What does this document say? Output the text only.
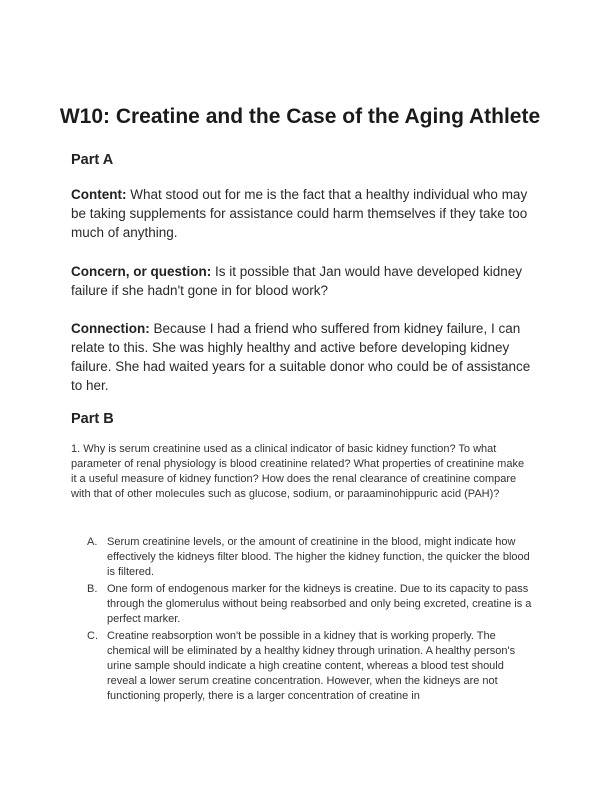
W10: Creatine and the Case of the Aging Athlete
Part A
Content: What stood out for me is the fact that a healthy individual who may be taking supplements for assistance could harm themselves if they take too much of anything.
Concern, or question: Is it possible that Jan would have developed kidney failure if she hadn't gone in for blood work?
Connection: Because I had a friend who suffered from kidney failure, I can relate to this. She was highly healthy and active before developing kidney failure. She had waited years for a suitable donor who could be of assistance to her.
Part B
1. Why is serum creatinine used as a clinical indicator of basic kidney function? To what parameter of renal physiology is blood creatinine related? What properties of creatinine make it a useful measure of kidney function? How does the renal clearance of creatinine compare with that of other molecules such as glucose, sodium, or paraaminohippuric acid (PAH)?
A. Serum creatinine levels, or the amount of creatinine in the blood, might indicate how effectively the kidneys filter blood. The higher the kidney function, the quicker the blood is filtered.
B. One form of endogenous marker for the kidneys is creatine. Due to its capacity to pass through the glomerulus without being reabsorbed and only being excreted, creatine is a perfect marker.
C. Creatine reabsorption won't be possible in a kidney that is working properly. The chemical will be eliminated by a healthy kidney through urination. A healthy person's urine sample should indicate a high creatine content, whereas a blood test should reveal a lower serum creatine concentration. However, when the kidneys are not functioning properly, there is a larger concentration of creatine in
